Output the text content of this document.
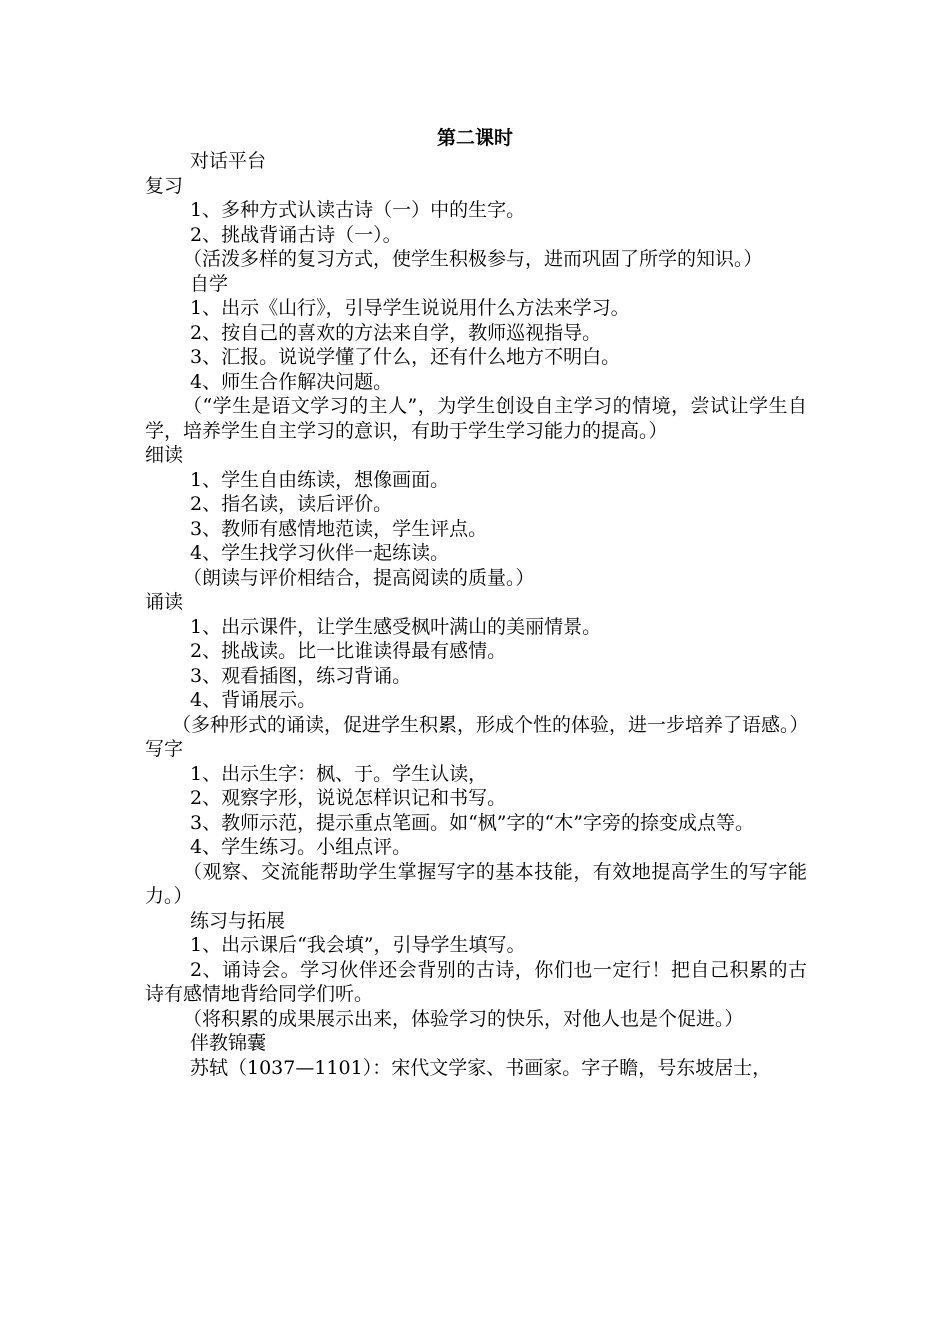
第二课时

对话平台

复习

1、多种方式认读古诗（一）中的生字。

2、挑战背诵古诗（一）。

（活泼多样的复习方式，使学生积极参与，进而巩固了所学的知识。）

自学

1、出示《山行》，引导学生说说用什么方法来学习。

2、按自己的喜欢的方法来自学，教师巡视指导。

3、汇报。说说学懂了什么，还有什么地方不明白。

4、师生合作解决问题。

（“学生是语文学习的主人”，为学生创设自主学习的情境，尝试让学生自学，培养学生自主学习的意识，有助于学生学习能力的提高。）

细读

1、学生自由练读，想像画面。

2、指名读，读后评价。

3、教师有感情地范读，学生评点。

4、学生找学习伙伴一起练读。

（朗读与评价相结合，提高阅读的质量。）

诵读

1、出示课件，让学生感受枫叶满山的美丽情景。

2、挑战读。比一比谁读得最有感情。

3、观看插图，练习背诵。

4、背诵展示。

（多种形式的诵读，促进学生积累，形成个性的体验，进一步培养了语感。）

写字

1、出示生字：枫、于。学生认读，

2、观察字形，说说怎样识记和书写。

3、教师示范，提示重点笔画。如“枫”字的“木”字旁的捺变成点等。

4、学生练习。小组点评。

（观察、交流能帮助学生掌握写字的基本技能，有效地提高学生的写字能力。）

练习与拓展

1、出示课后“我会填”，引导学生填写。

2、诵诗会。学习伙伴还会背别的古诗，你们也一定行！把自己积累的古诗有感情地背给同学们听。

（将积累的成果展示出来，体验学习的快乐，对他人也是个促进。）

伴教锦囊

苏轼（1037—1101）：宋代文学家、书画家。字子瞻，号东坡居士，
